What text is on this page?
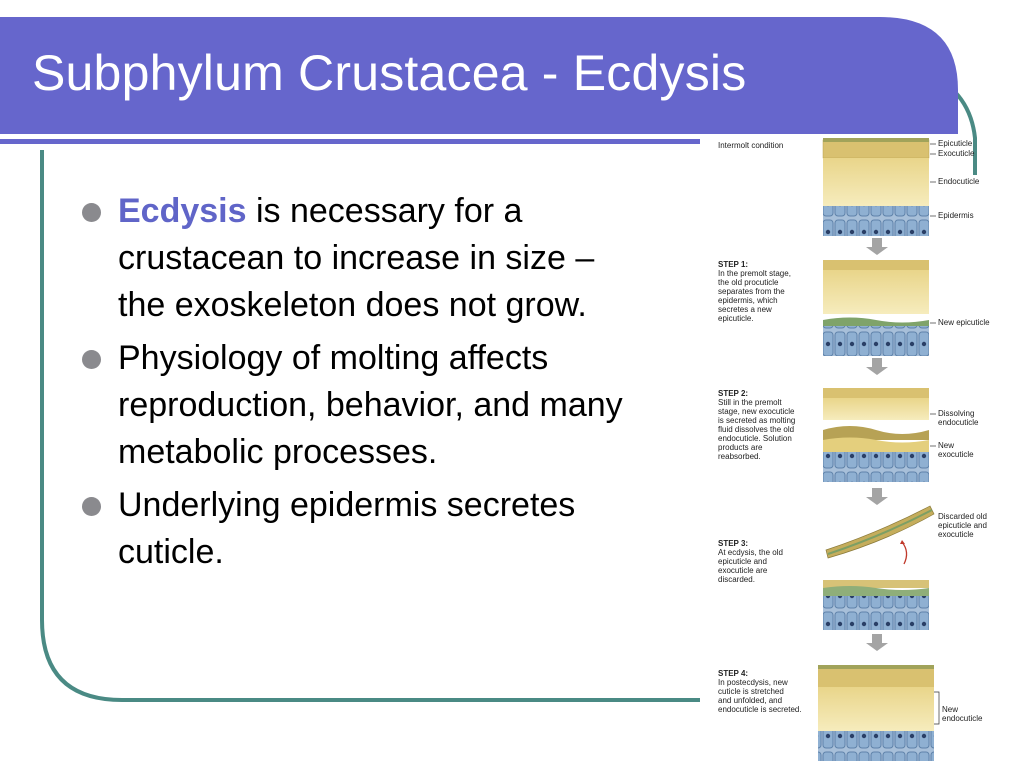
Subphylum Crustacea - Ecdysis
Ecdysis is necessary for a crustacean to increase in size – the exoskeleton does not grow.
Physiology of molting affects reproduction, behavior, and many metabolic processes.
Underlying epidermis secretes cuticle.
Intermolt condition	Epicuticle
Exocuticle
Endocuticle
Epidermis
STEP 1:
In the premolt stage,
the old procuticle
separates from the
epidermis, which
secretes a new
epicuticle.	New epicuticle
STEP 2:
Still in the premolt
stage, new exocuticle
is secreted as molting
fluid dissolves the old
endocuticle. Solution
products are
reabsorbed.
Dissolving endocuticle
New exocuticle
STEP 3:
At ecdysis, the old
epicuticle and
exocuticle are
discarded.
Discarded old epicuticle and exocuticle
STEP 4:
In postecdysis, new
cuticle is stretched
and unfolded, and
endocuticle is secreted.	New endocuticle
